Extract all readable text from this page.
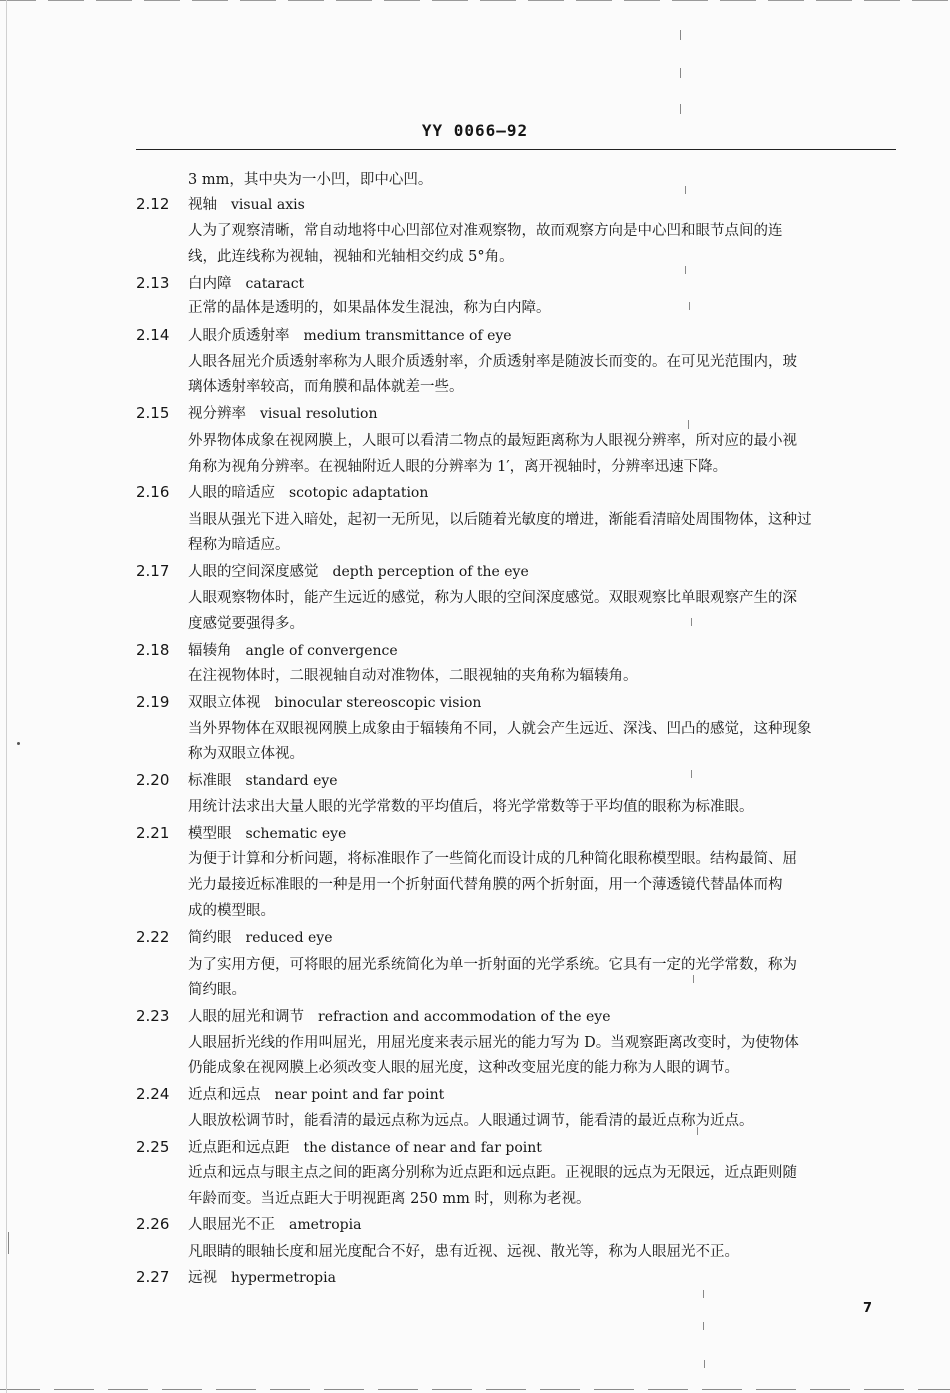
YY 0066—92
3 mm，其中央为一小凹，即中心凹。
2.12 视轴 visual axis
人为了观察清晰，常自动地将中心凹部位对准观察物，故而观察方向是中心凹和眼节点间的连
线，此连线称为视轴，视轴和光轴相交约成 5°角。
2.13 白内障 cataract
正常的晶体是透明的，如果晶体发生混浊，称为白内障。
2.14 人眼介质透射率 medium transmittance of eye
人眼各屈光介质透射率称为人眼介质透射率，介质透射率是随波长而变的。在可见光范围内，玻
璃体透射率较高，而角膜和晶体就差一些。
2.15 视分辨率 visual resolution
外界物体成象在视网膜上，人眼可以看清二物点的最短距离称为人眼视分辨率，所对应的最小视
角称为视角分辨率。在视轴附近人眼的分辨率为 1′，离开视轴时，分辨率迅速下降。
2.16 人眼的暗适应 scotopic adaptation
当眼从强光下进入暗处，起初一无所见，以后随着光敏度的增进，渐能看清暗处周围物体，这种过
程称为暗适应。
2.17 人眼的空间深度感觉 depth perception of the eye
人眼观察物体时，能产生远近的感觉，称为人眼的空间深度感觉。双眼观察比单眼观察产生的深
度感觉要强得多。
2.18 辐辏角 angle of convergence
在注视物体时，二眼视轴自动对准物体，二眼视轴的夹角称为辐辏角。
2.19 双眼立体视 binocular stereoscopic vision
当外界物体在双眼视网膜上成象由于辐辏角不同，人就会产生远近、深浅、凹凸的感觉，这种现象
称为双眼立体视。
2.20 标准眼 standard eye
用统计法求出大量人眼的光学常数的平均值后，将光学常数等于平均值的眼称为标准眼。
2.21 模型眼 schematic eye
为便于计算和分析问题，将标准眼作了一些简化而设计成的几种简化眼称模型眼。结构最简、屈
光力最接近标准眼的一种是用一个折射面代替角膜的两个折射面，用一个薄透镜代替晶体而构
成的模型眼。
2.22 简约眼 reduced eye
为了实用方便，可将眼的屈光系统简化为单一折射面的光学系统。它具有一定的光学常数，称为
简约眼。
2.23 人眼的屈光和调节 refraction and accommodation of the eye
人眼屈折光线的作用叫屈光，用屈光度来表示屈光的能力写为 D。当观察距离改变时，为使物体
仍能成象在视网膜上必须改变人眼的屈光度，这种改变屈光度的能力称为人眼的调节。
2.24 近点和远点 near point and far point
人眼放松调节时，能看清的最远点称为远点。人眼通过调节，能看清的最近点称为近点。
2.25 近点距和远点距 the distance of near and far point
近点和远点与眼主点之间的距离分别称为近点距和远点距。正视眼的远点为无限远，近点距则随
年龄而变。当近点距大于明视距离 250 mm 时，则称为老视。
2.26 人眼屈光不正 ametropia
凡眼睛的眼轴长度和屈光度配合不好，患有近视、远视、散光等，称为人眼屈光不正。
2.27 远视 hypermetropia
7
